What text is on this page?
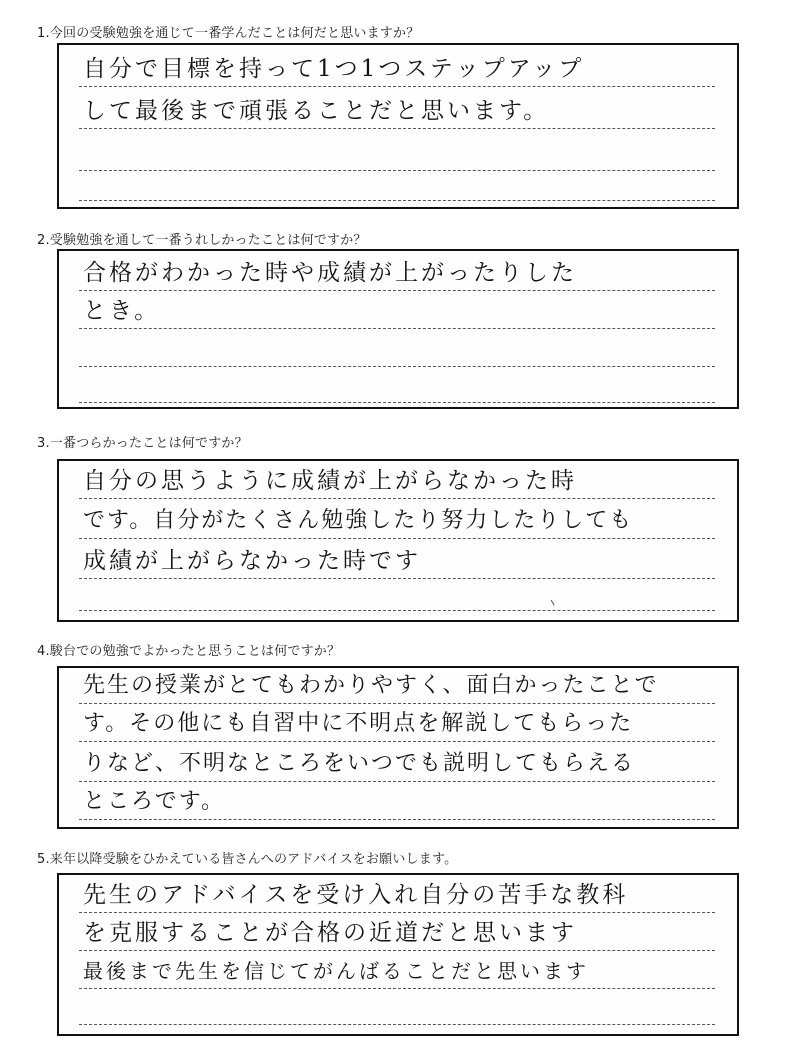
1.今回の受験勉強を通じて一番学んだことは何だと思いますか？
自分で目標を持って1つ1つステップアップ
して最後まで頑張ることだと思います。
2.受験勉強を通して一番うれしかったことは何ですか？
合格がわかった時や成績が上がったりした
とき。
3.一番つらかったことは何ですか？
自分の思うように成績が上がらなかった時
です。自分がたくさん勉強したり努力したりしても
成績が上がらなかった時です
4.駿台での勉強でよかったと思うことは何ですか？
先生の授業がとてもわかりやすく、面白かったことで
す。その他にも自習中に不明点を解説してもらった
りなど、不明なところをいつでも説明してもらえる
ところです。
5.来年以降受験をひかえている皆さんへのアドバイスをお願いします。
先生のアドバイスを受け入れ自分の苦手な教科
を克服することが合格の近道だと思います
最後まで先生を信じてがんばることだと思います
